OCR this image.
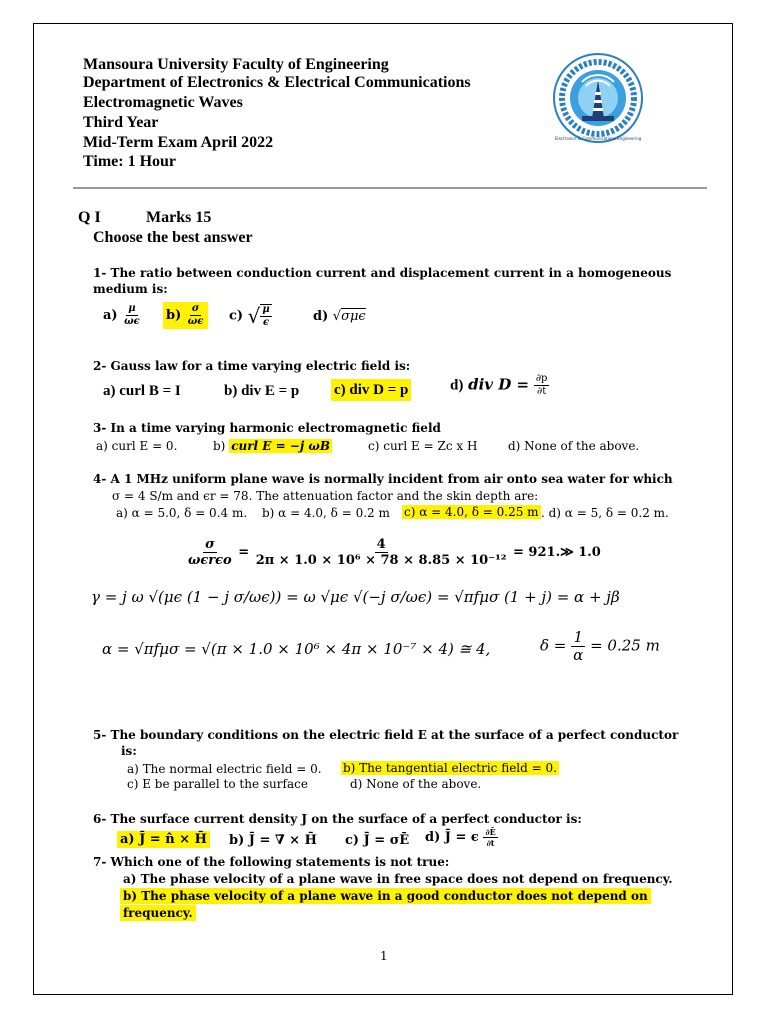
Mansoura University Faculty of Engineering
Department of Electronics & Electrical Communications
Electromagnetic Waves
Third Year
Mid-Term Exam April 2022
Time: 1 Hour
Electronics & Communications Engineering
Q I	Marks 15
Choose the best answer
1- The ratio between conduction current and displacement current in a homogeneous
medium is:
$a) \frac{\mu}{\omega\epsilon} b) \frac{\sigma}{\omega\epsilon} c$) √ $\frac{\mu}{\epsilon}$	d) √σμϵ
2- Gauss law for a time varying electric field is:
a) curl B = I	b) div E = p c) div D = p	d) div $D = \frac{\partial p}{\partial t}$
3- In a time varying harmonic electromagnetic field
a) curl E = 0.	b) curl E = −j ωB	c) curl E = Zc x H	d) None of the above.
4- A 1 MHz uniform plane wave is normally incident from air onto sea water for which
σ = 4 S/m and ϵr = 78. The attenuation factor and the skin depth are:
a) α = 5.0, δ = 0.4 m. b) α = 4.0, δ = 0.2 m c) α = 4.0, δ = 0.25 m . d) α = 5, δ = 0.2 m.
$\frac{\sigma}{\text{ωϵrϵo}} = \frac{4}{\text{2π × 1.0 × 10⁶ × 78 × 8.85 × 10⁻¹²}}$ = 921.≫ 1.0
γ = j ω √(μϵ (1 − j σ/ωϵ)) = ω √μϵ √(−j σ/ωϵ) = √πfμσ (1 + j) = α + jβ
α = √πfμσ = √(π × 1.0 × 10⁶ × 4π × 10⁻⁷ × 4) ≅ 4,	$\delta = \frac{1}{\alpha} = 0.25$ m
5- The boundary conditions on the electric field E at the surface of a perfect conductor
is:
a) The normal electric field = 0. b) The tangential electric field = 0.
c) E be parallel to the surface	d) None of the above.
6- The surface current density J on the surface of a perfect conductor is:
a) J̄ = n̂ × H̄ b) J̄ = ∇̄ × H̄ c) J̄ = σĒ d) J̄ = ϵ $\frac{\partial Ē}{\partial t}$
7- Which one of the following statements is not true:
a) The phase velocity of a plane wave in free space does not depend on frequency.
b) The phase velocity of a plane wave in a good conductor does not depend on
frequency.
1
